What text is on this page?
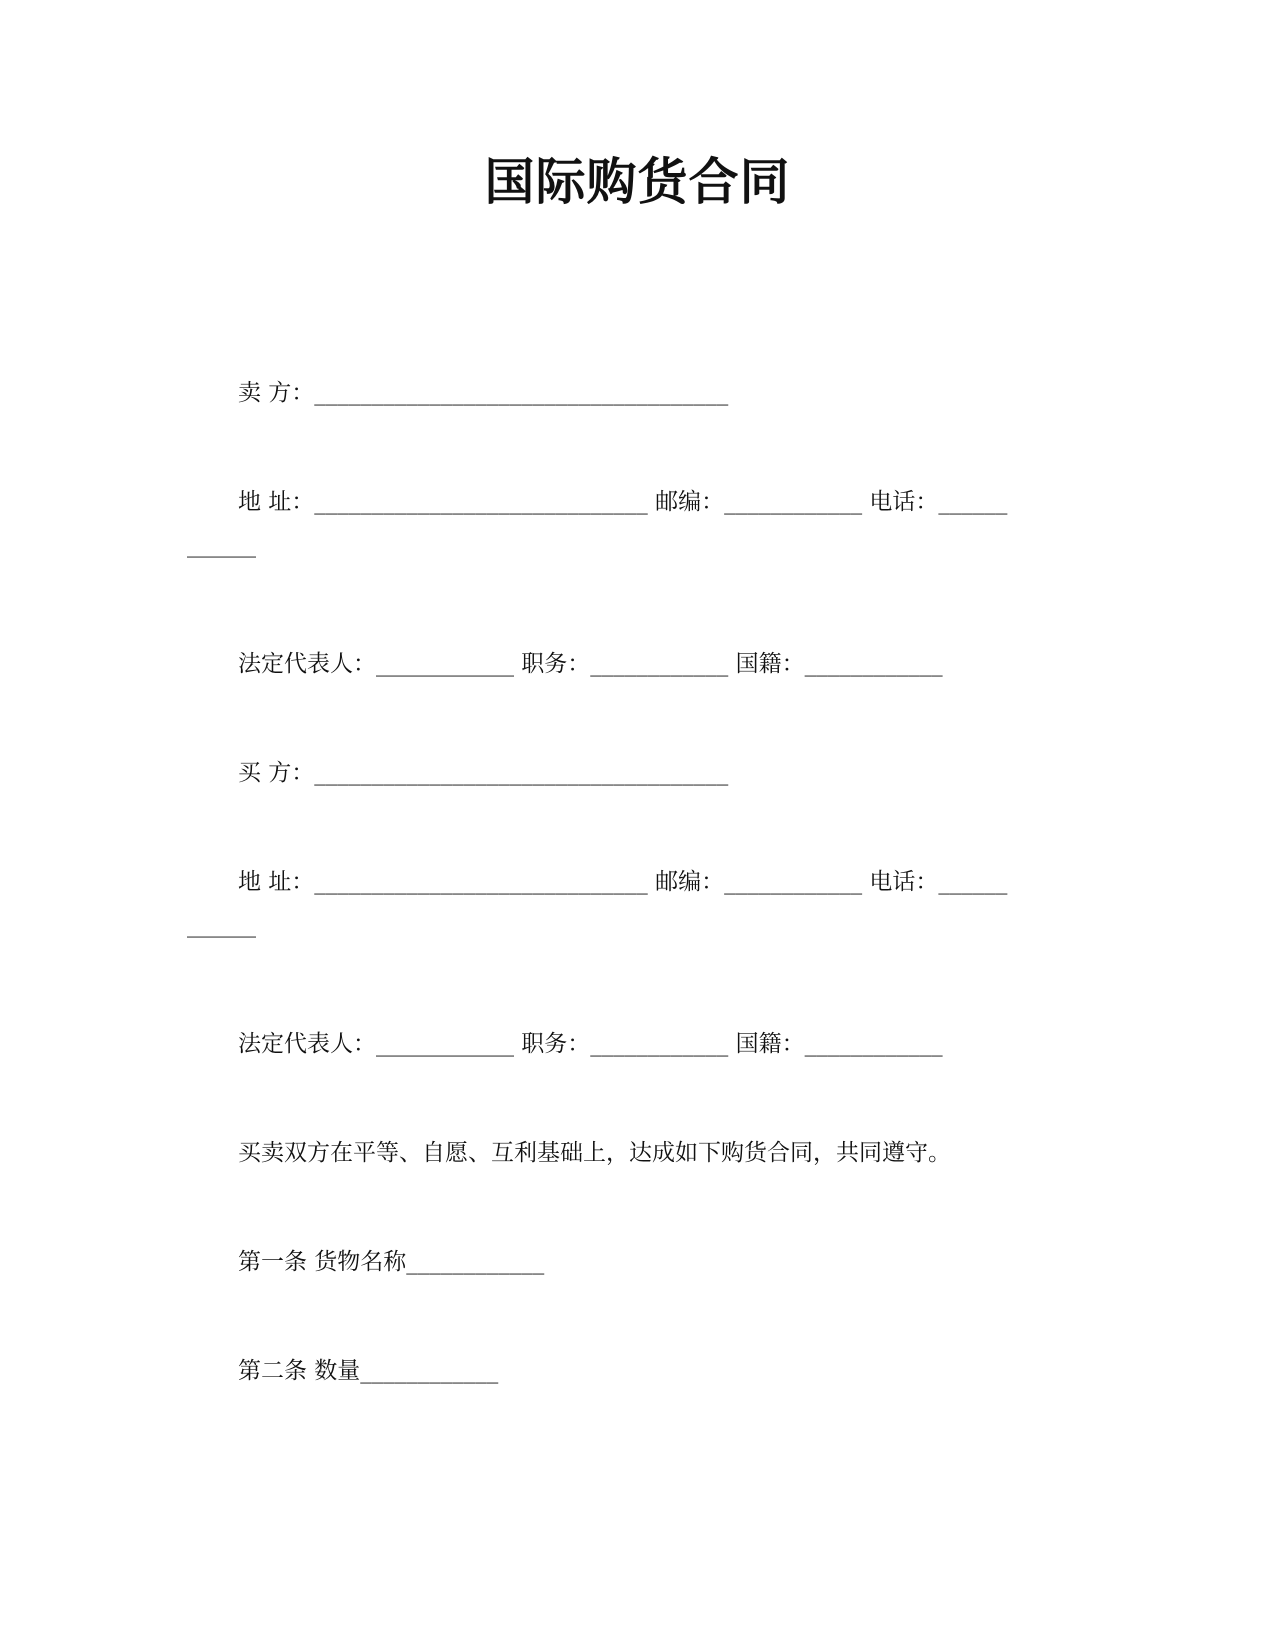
国际购货合同
卖 方：____________________________________
地 址：_____________________________ 邮编：____________ 电话：______
______
法定代表人：____________ 职务：____________ 国籍：____________
买 方：____________________________________
地 址：_____________________________ 邮编：____________ 电话：______
______
法定代表人：____________ 职务：____________ 国籍：____________
买卖双方在平等、自愿、互利基础上，达成如下购货合同，共同遵守。
第一条 货物名称____________
第二条 数量____________
